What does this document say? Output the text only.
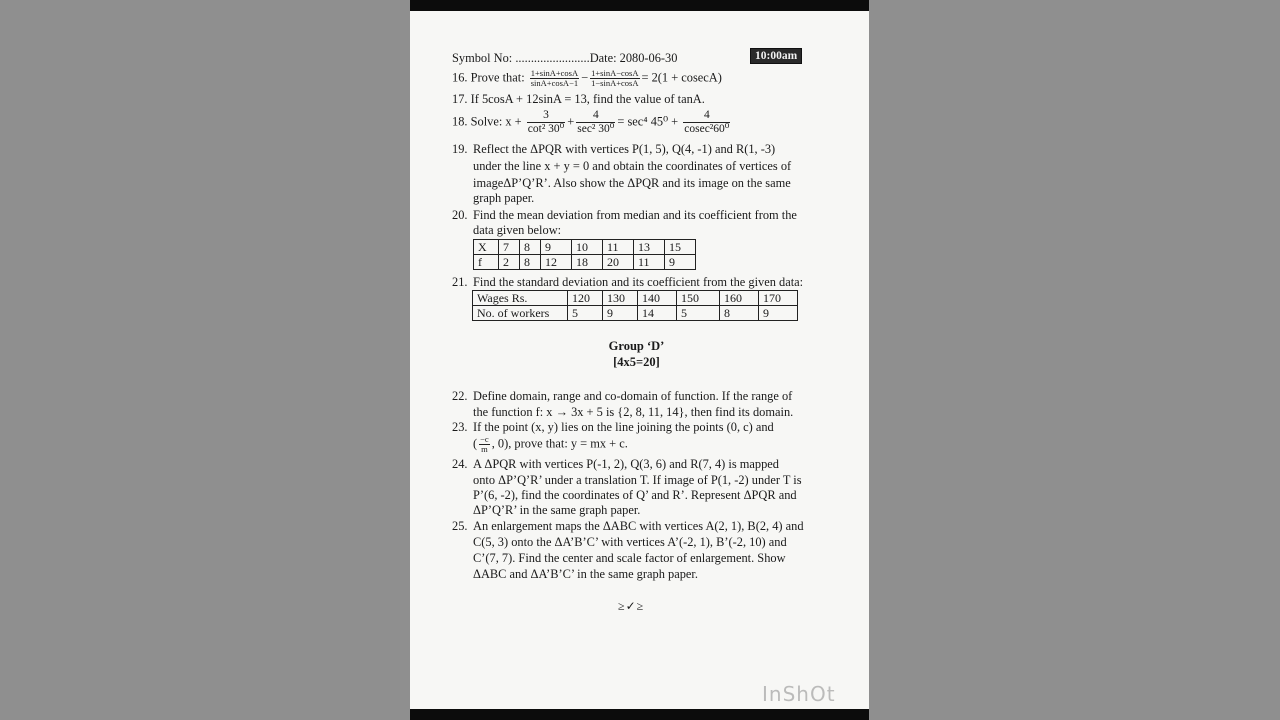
Symbol No: ........................Date: 2080-06-30	10:00am
16. Prove that: $\frac{1+\sin A+\cos A}{\sin A+\cos A-1} - \frac{1+\sin A-\cos A}{1-\sin A+\cos A} = 2(1 + cosecA)$
17. If 5cosA + 12sinA = 13, find the value of tanA.
18. Solve: $x + \frac{3}{\text{cot² 30⁰}} + \frac{4}{\text{sec² 30⁰}} = \sec^4$ $45^0 + \frac{4}{\text{cosec²60⁰}}$
19. Reflect the ΔPQR with vertices P(1, 5), Q(4, -1) and R(1, -3)
under the line x + y = 0 and obtain the coordinates of vertices of
imageΔP’Q’R’. Also show the ΔPQR and its image on the same
graph paper.
20. Find the mean deviation from median and its coefficient from the
data given below:
X	7	8	9	10	11	13	15
f	2	8	12	18	20	11	9
21. Find the standard deviation and its coefficient from the given data:
Wages Rs.	120	130	140	150	160	170
No. of workers	5	9	14	5	8	9
Group ‘D’
[4x5=20]
22. Define domain, range and co-domain of function. If the range of
the function f: x → 3x + 5 is {2, 8, 11, 14}, then find its domain.
23. If the point (x, y) lies on the line joining the points (0, c) and
( $\frac{-c}{m}$ , 0), prove that: y = mx + c.
24. A ΔPQR with vertices P(-1, 2), Q(3, 6) and R(7, 4) is mapped
onto ΔP’Q’R’ under a translation T. If image of P(1, -2) under T is
P’(6, -2), find the coordinates of Q’ and R’. Represent ΔPQR and
ΔP’Q’R’ in the same graph paper.
25. An enlargement maps the ΔABC with vertices A(2, 1), B(2, 4) and
C(5, 3) onto the ΔA’B’C’ with vertices A’(-2, 1), B’(-2, 10) and
C’(7, 7). Find the center and scale factor of enlargement. Show
ΔABC and ΔA’B’C’ in the same graph paper.
≥✓≥
InShOt
